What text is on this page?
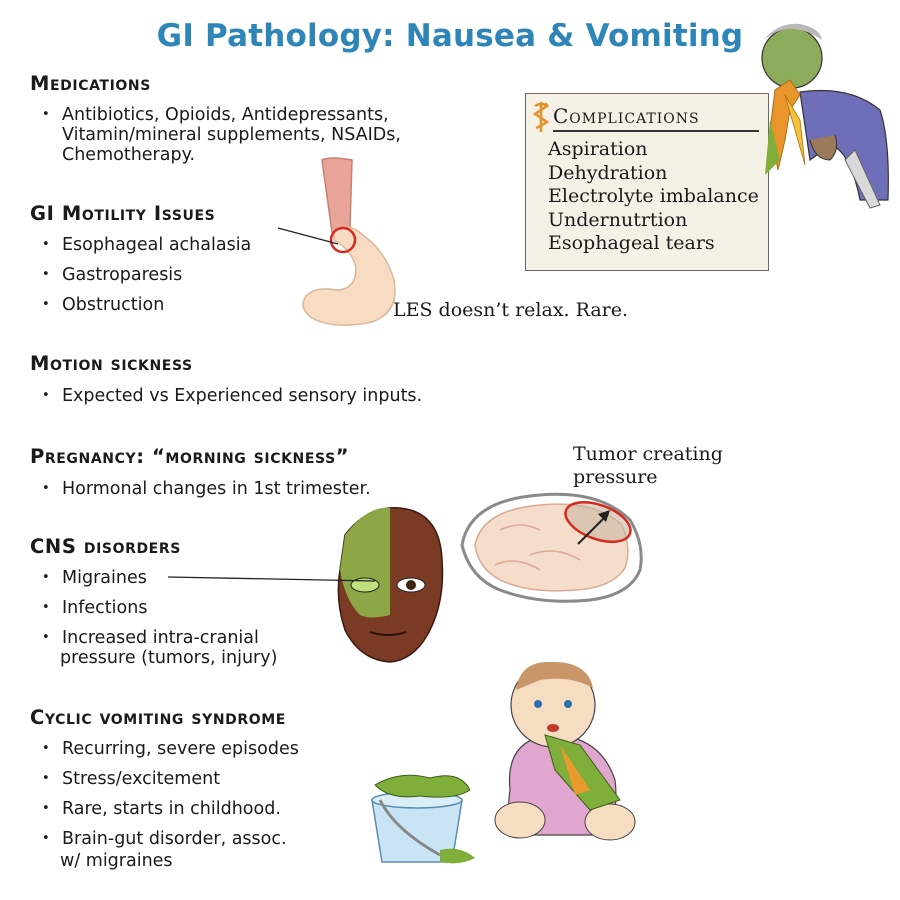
GI Pathology: Nausea & Vomiting
Medications
• Antibiotics, Opioids, Antidepressants,
Vitamin/mineral supplements, NSAIDs,
Chemotherapy.
GI Motility Issues
• Esophageal achalasia
• Gastroparesis
• Obstruction	LES doesn’t relax. Rare.
Motion sickness
• Expected vs Experienced sensory inputs.
Pregnancy: “morning sickness”
• Hormonal changes in 1st trimester.
CNS disorders
• Migraines
• Infections
• Increased intra-cranial
pressure (tumors, injury)
Cyclic vomiting syndrome
• Recurring, severe episodes
• Stress/excitement
• Rare, starts in childhood.
• Brain-gut disorder, assoc.
w/ migraines
Complications
Aspiration
Dehydration
Electrolyte imbalance
Undernutrtion
Esophageal tears
Tumor creating
pressure
